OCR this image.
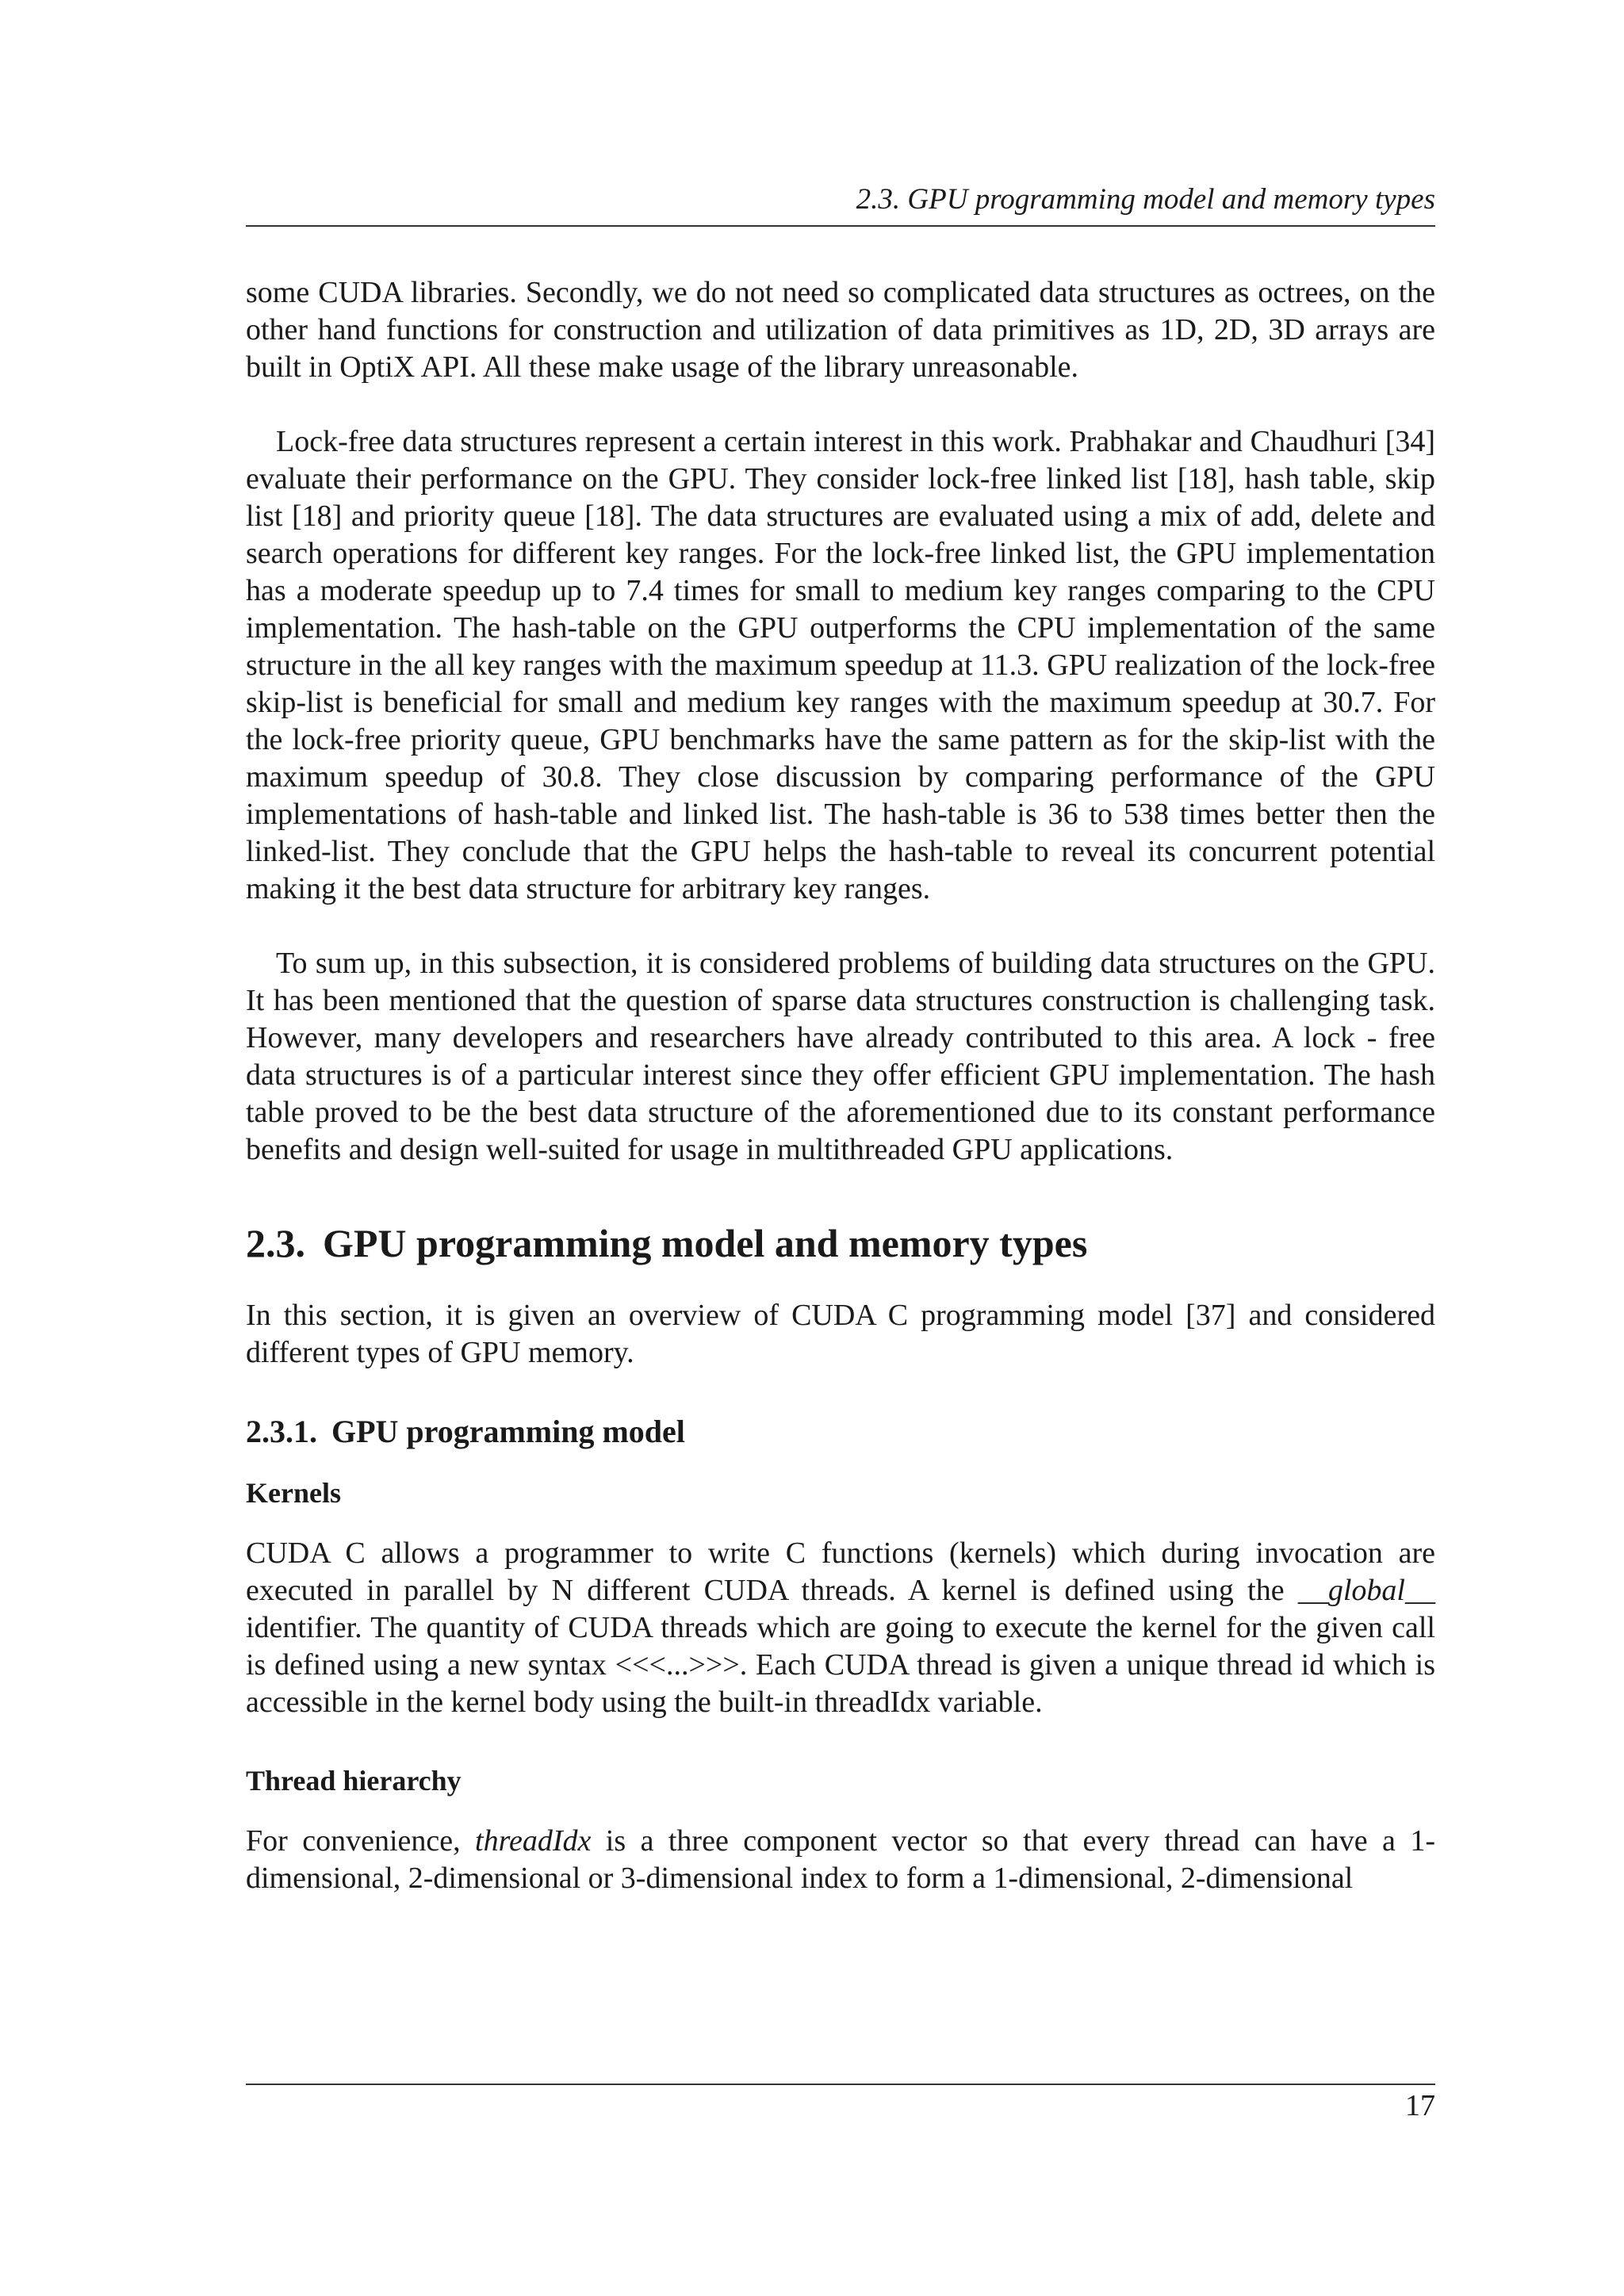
2.3. GPU programming model and memory types

some CUDA libraries. Secondly, we do not need so complicated data structures as octrees, on the other hand functions for construction and utilization of data primitives as 1D, 2D, 3D arrays are built in OptiX API. All these make usage of the library unreasonable.

Lock-free data structures represent a certain interest in this work. Prabhakar and Chaudhuri [34] evaluate their performance on the GPU. They consider lock-free linked list [18], hash table, skip list [18] and priority queue [18]. The data structures are evaluated using a mix of add, delete and search operations for different key ranges. For the lock-free linked list, the GPU implementation has a moderate speedup up to 7.4 times for small to medium key ranges comparing to the CPU implementation. The hash-table on the GPU outperforms the CPU implementation of the same structure in the all key ranges with the maximum speedup at 11.3. GPU realization of the lock-free skip-list is beneficial for small and medium key ranges with the maximum speedup at 30.7. For the lock-free priority queue, GPU benchmarks have the same pattern as for the skip-list with the maximum speedup of 30.8. They close discussion by comparing performance of the GPU implementations of hash-table and linked list. The hash-table is 36 to 538 times better then the linked-list. They conclude that the GPU helps the hash-table to reveal its concurrent potential making it the best data structure for arbitrary key ranges.

To sum up, in this subsection, it is considered problems of building data structures on the GPU. It has been mentioned that the question of sparse data structures construction is challenging task. However, many developers and researchers have already contributed to this area. A lock - free data structures is of a particular interest since they offer efficient GPU implementation. The hash table proved to be the best data structure of the aforementioned due to its constant performance benefits and design well-suited for usage in multithreaded GPU applications.

2.3. GPU programming model and memory types

In this section, it is given an overview of CUDA C programming model [37] and considered different types of GPU memory.

2.3.1. GPU programming model
Kernels

CUDA C allows a programmer to write C functions (kernels) which during invocation are executed in parallel by N different CUDA threads. A kernel is defined using the __global__ identifier. The quantity of CUDA threads which are going to execute the kernel for the given call is defined using a new syntax <<<...>>>. Each CUDA thread is given a unique thread id which is accessible in the kernel body using the built-in threadIdx variable.

Thread hierarchy

For convenience, threadIdx is a three component vector so that every thread can have a 1-dimensional, 2-dimensional or 3-dimensional index to form a 1-dimensional, 2-dimensional

17
